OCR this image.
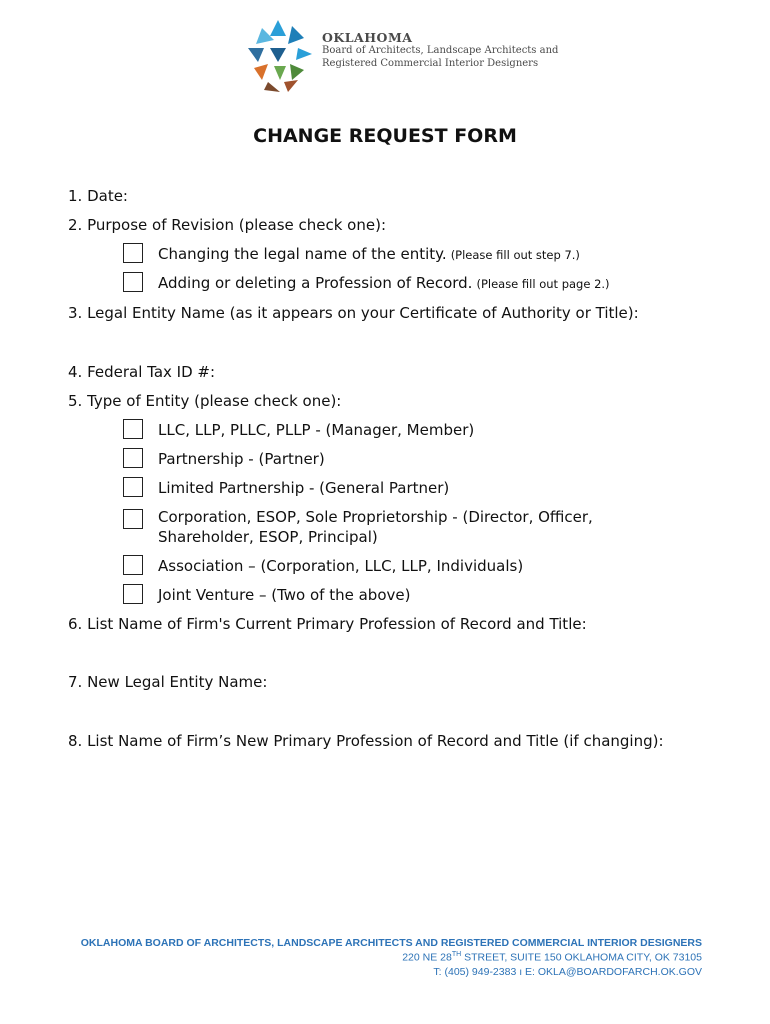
OKLAHOMA
Board of Architects, Landscape Architects and
Registered Commercial Interior Designers
CHANGE REQUEST FORM
1. Date:
2. Purpose of Revision (please check one):
Changing the legal name of the entity. (Please fill out step 7.)
Adding or deleting a Profession of Record. (Please fill out page 2.)
3. Legal Entity Name (as it appears on your Certificate of Authority or Title):
4. Federal Tax ID #:
5. Type of Entity (please check one):
LLC, LLP, PLLC, PLLP - (Manager, Member)
Partnership - (Partner)
Limited Partnership - (General Partner)
Corporation, ESOP, Sole Proprietorship - (Director, Officer,
Shareholder, ESOP, Principal)
Association – (Corporation, LLC, LLP, Individuals)
Joint Venture – (Two of the above)
6. List Name of Firm's Current Primary Profession of Record and Title:
7. New Legal Entity Name:
8. List Name of Firm’s New Primary Profession of Record and Title (if changing):
OKLAHOMA BOARD OF ARCHITECTS, LANDSCAPE ARCHITECTS AND REGISTERED COMMERCIAL INTERIOR DESIGNERS
220 NE 28TH STREET, SUITE 150 OKLAHOMA CITY, OK 73105
T: (405) 949-2383 ı E: OKLA@BOARDOFARCH.OK.GOV
